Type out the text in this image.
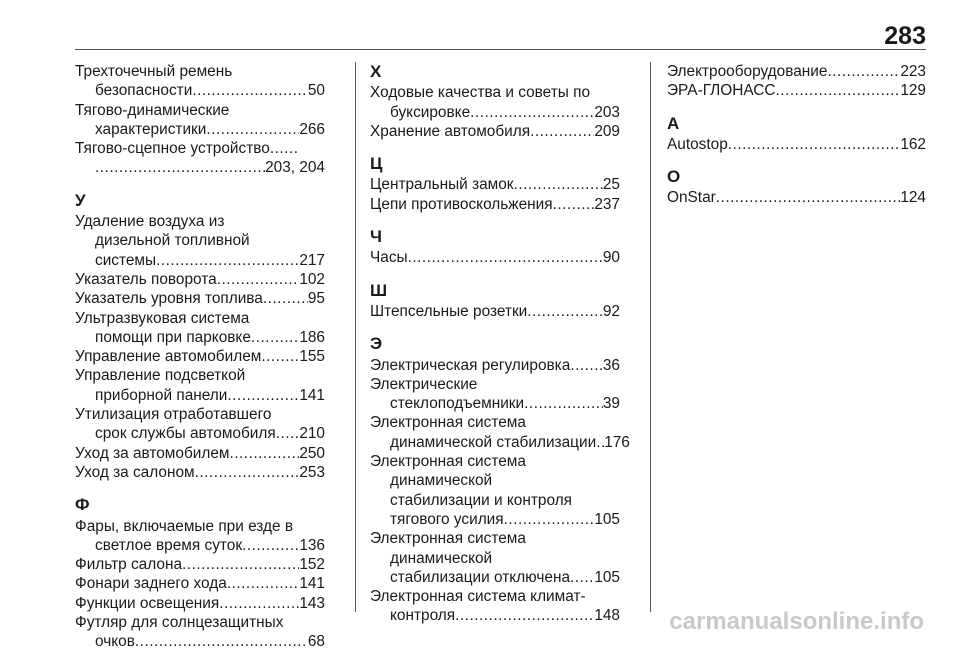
283
Трехточечный ремень
безопасности .....	50
Тягово-динамические
характеристики .....	266
Тягово-сцепное устройство
.....
.....
203, 204
У
Удаление воздуха из
дизельной топливной
системы .....	217
Указатель поворота .....	102
Указатель уровня топлива .....	95
Ультразвуковая система
помощи при парковке .....	186
Управление автомобилем ..... 155
Управление подсветкой
приборной панели .....	141
Утилизация отработавшего
срок службы автомобиля ..... 210
Уход за автомобилем .....	250
Уход за салоном .....	253
Ф
Фары, включаемые при езде в
светлое время суток .....	136
Фильтр салона .....	152
Фонари заднего хода .....	141
Функции освещения .....	143
Футляр для солнцезащитных
очков .....	68
Х
Ходовые качества и советы по
буксировке .....	203
Хранение автомобиля .....	209
Ц
Центральный замок .....	25
Цепи противоскольжения .....	237
Ч
Часы .....	90
Ш
Штепсельные розетки .....	92
Э
Электрическая регулировка ..... 36
Электрические
стеклоподъемники .....	39
Электронная система
динамической стабилизации ..... 176
Электронная система
динамической
стабилизации и контроля
тягового усилия .....	105
Электронная система
динамической
стабилизации отключена ..... 105
Электронная система климат-
контроля .....	148
Электрооборудование .....	223
ЭРА-ГЛОНАСС .....	129
A
Autostop .....	162
O
OnStar .....	124
carmanualsonline.info
